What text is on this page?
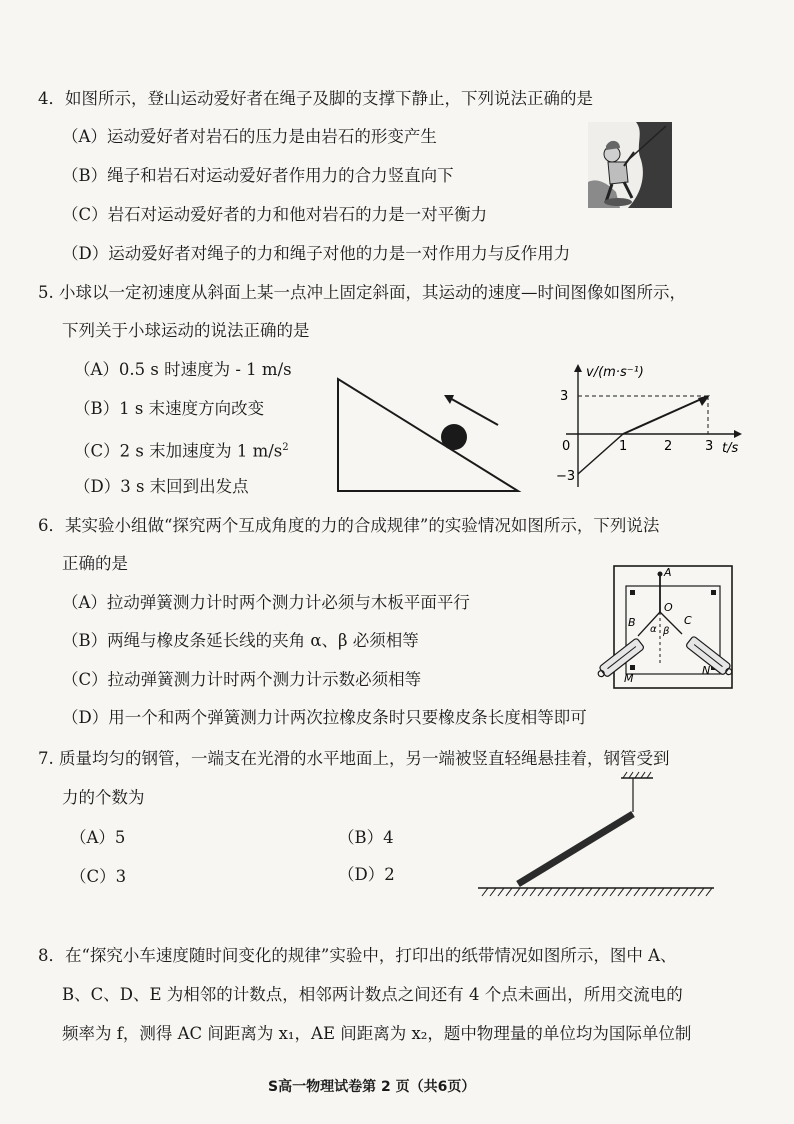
4．如图所示，登山运动爱好者在绳子及脚的支撑下静止，下列说法正确的是
（A）运动爱好者对岩石的压力是由岩石的形变产生
（B）绳子和岩石对运动爱好者作用力的合力竖直向下
（C）岩石对运动爱好者的力和他对岩石的力是一对平衡力
（D）运动爱好者对绳子的力和绳子对他的力是一对作用力与反作用力
5. 小球以一定初速度从斜面上某一点冲上固定斜面，其运动的速度—时间图像如图所示，
下列关于小球运动的说法正确的是
（A）0.5 s 时速度为 - 1 m/s
（B）1 s 末速度方向改变
（C）2 s 末加速度为 1 $m/s^2$
（D）3 s 末回到出发点
v/(m·s⁻¹)
t/s
0
3
−3
1	2	3
6．某实验小组做“探究两个互成角度的力的合成规律”的实验情况如图所示，下列说法
正确的是
（A）拉动弹簧测力计时两个测力计必须与木板平面平行
（B）两绳与橡皮条延长线的夹角 α、β 必须相等
（C）拉动弹簧测力计时两个测力计示数必须相等
（D）用一个和两个弹簧测力计两次拉橡皮条时只要橡皮条长度相等即可
A
O
B	C
α β
M
N
7. 质量均匀的钢管，一端支在光滑的水平地面上，另一端被竖直轻绳悬挂着，钢管受到
力的个数为
（A）5	（B）4
（C）3	（D）2
8．在“探究小车速度随时间变化的规律”实验中，打印出的纸带情况如图所示，图中 A、
B、C、D、E 为相邻的计数点，相邻两计数点之间还有 4 个点未画出，所用交流电的
频率为 f，测得 AC 间距离为 x₁，AE 间距离为 x₂，题中物理量的单位均为国际单位制
S高一物理试卷第 2 页（共6页）
